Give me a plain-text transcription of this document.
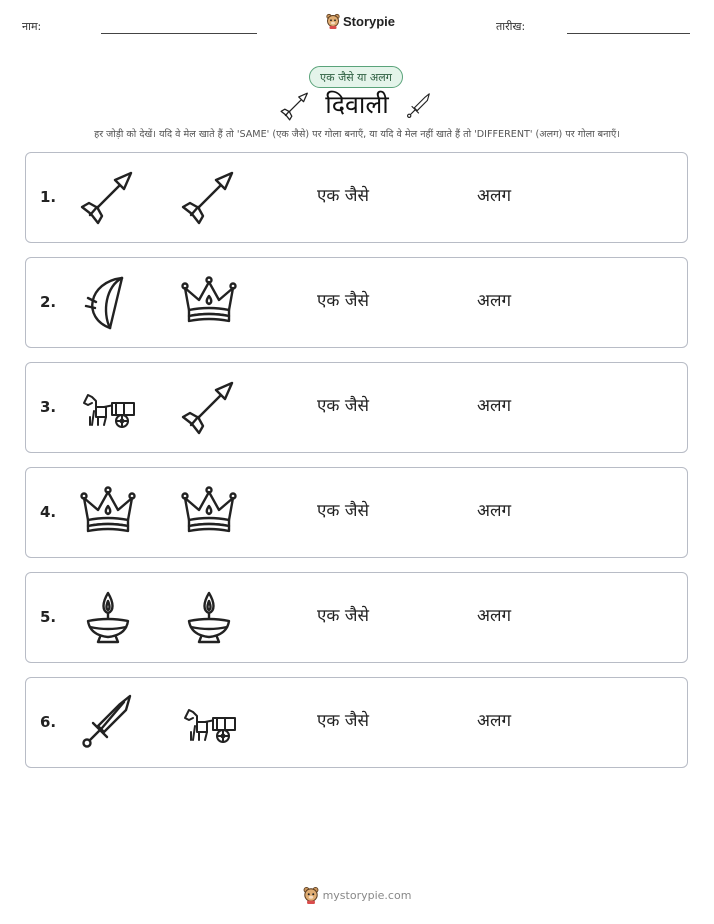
नाम:	Storypie	तारीख:
एक जैसे या अलग
दिवाली
हर जोड़ी को देखें। यदि वे मेल खाते हैं तो 'SAME' (एक जैसे) पर गोला बनाएँ, या यदि वे मेल नहीं खाते हैं तो 'DIFFERENT' (अलग) पर गोला बनाएँ।
1.	एक जैसे	अलग
2.	एक जैसे	अलग
3.	एक जैसे	अलग
4.	एक जैसे	अलग
5.	एक जैसे	अलग
6.	एक जैसे	अलग
mystorypie.com
